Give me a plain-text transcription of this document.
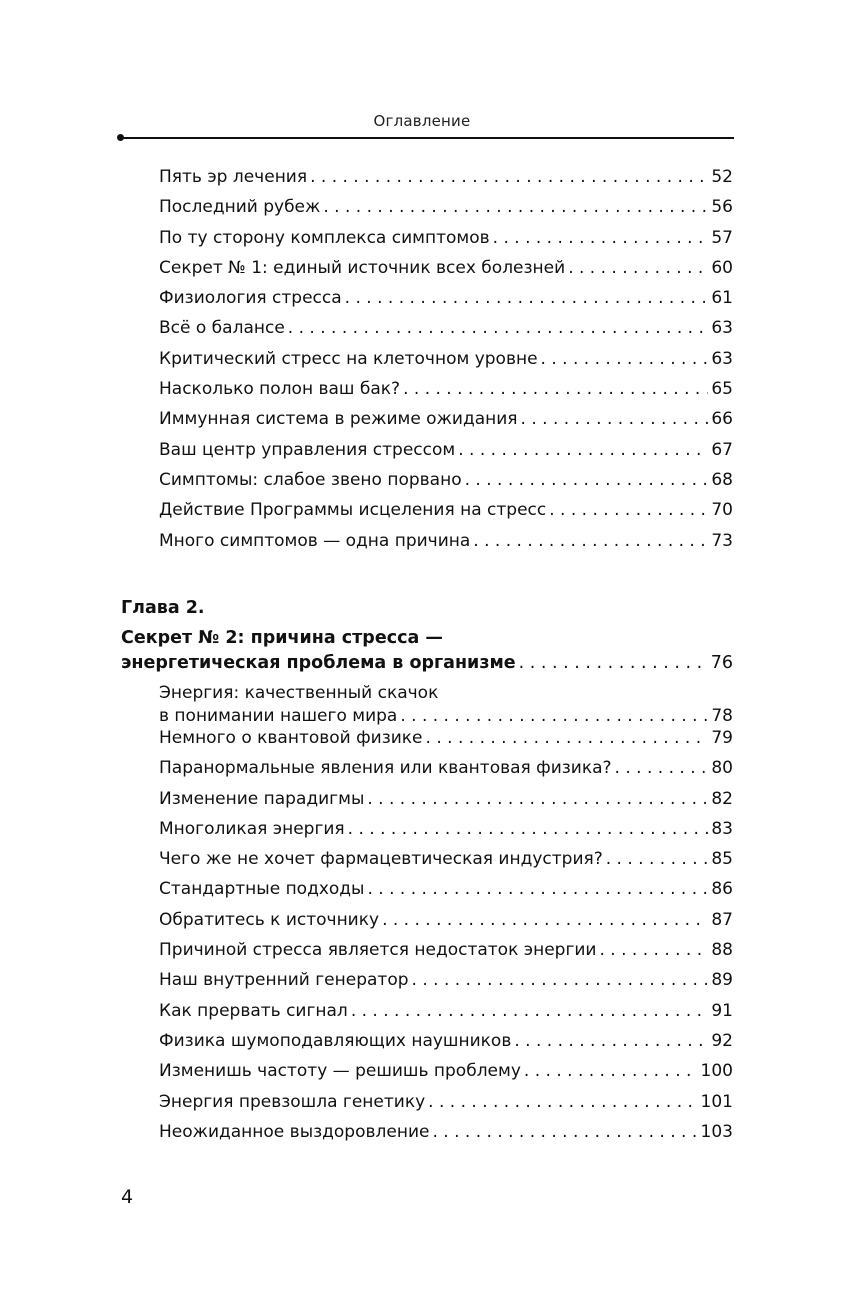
Оглавление
Пять эр лечения . . .	52
Последний рубеж . . .	56
По ту сторону комплекса симптомов . . .	57
Секрет № 1: единый источник всех болезней . . .	60
Физиология стресса . . .	61
Всё о балансе . . .	63
Критический стресс на клеточном уровне . . .	63
Насколько полон ваш бак? . . .	65
Иммунная система в режиме ожидания . . .	66
Ваш центр управления стрессом . . .	67
Симптомы: слабое звено порвано . . .	68
Действие Программы исцеления на стресс . . .	70
Много симптомов — одна причина . . .	73
Глава 2.
Секрет № 2: причина стресса —
энергетическая проблема в организме . . .	76
Энергия: качественный скачок
в понимании нашего мира . . .	78
Немного о квантовой физике . . .	79
Паранормальные явления или квантовая физика? . . .	80
Изменение парадигмы . . .	82
Многоликая энергия . . .	83
Чего же не хочет фармацевтическая индустрия? . . .	85
Стандартные подходы . . .	86
Обратитесь к источнику . . .	87
Причиной стресса является недостаток энергии . . .	88
Наш внутренний генератор . . .	89
Как прервать сигнал . . .	91
Физика шумоподавляющих наушников . . .	92
Изменишь частоту — решишь проблему . . .	100
Энергия превзошла генетику . . .	101
Неожиданное выздоровление . . .	103
4
